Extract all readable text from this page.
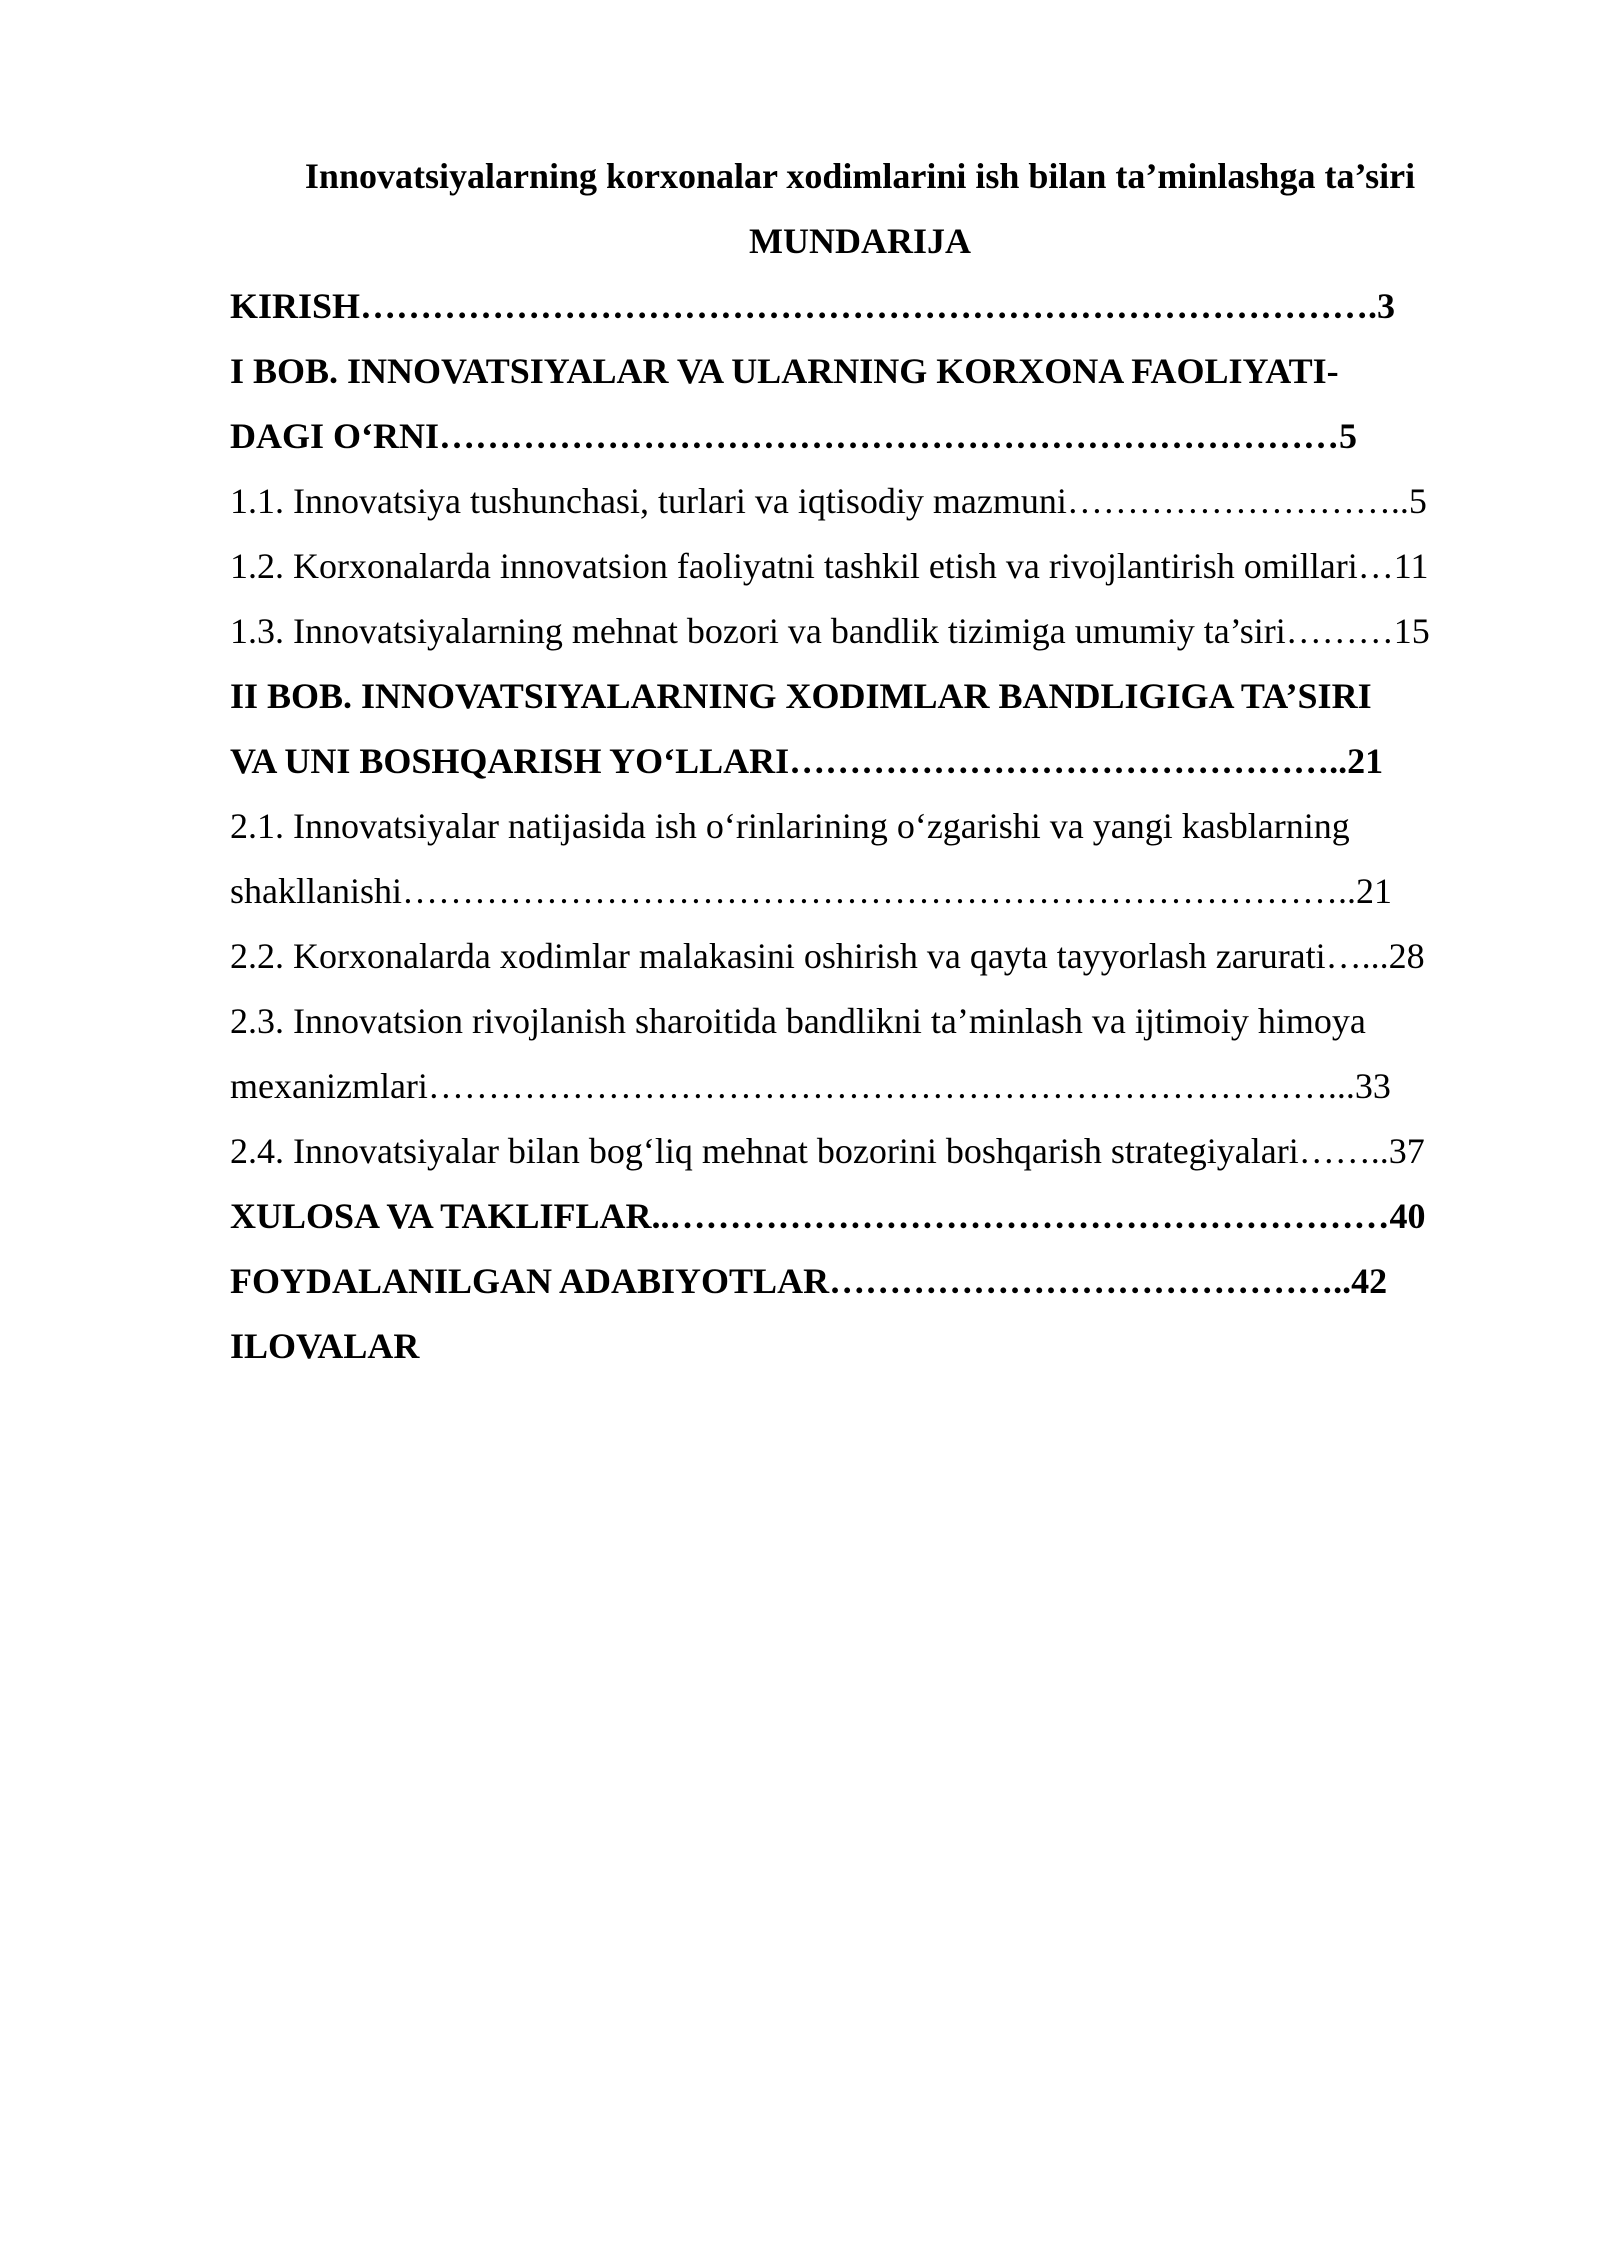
Innovatsiyalarning korxonalar xodimlarini ish bilan ta’minlashga ta’siri
MUNDARIJA
KIRISH………………………………………………………………………….3
I BOB. INNOVATSIYALAR VA ULARNING KORXONA FAOLIYATI-
DAGI O‘RNI…………………………………………………………………5
1.1. Innovatsiya tushunchasi, turlari va iqtisodiy mazmuni………………………..5
1.2. Korxonalarda innovatsion faoliyatni tashkil etish va rivojlantirish omillari…11
1.3. Innovatsiyalarning mehnat bozori va bandlik tizimiga umumiy ta’siri………15
II BOB. INNOVATSIYALARNING XODIMLAR BANDLIGIGA TA’SIRI
VA UNI BOSHQARISH YO‘LLARI………………………………………..21
2.1. Innovatsiyalar natijasida ish o‘rinlarining o‘zgarishi va yangi kasblarning
shakllanishi……………………………………………………………………..21
2.2. Korxonalarda xodimlar malakasini oshirish va qayta tayyorlash zarurati…...28
2.3. Innovatsion rivojlanish sharoitida bandlikni ta’minlash va ijtimoiy himoya
mexanizmlari…………………………………………………………………...33
2.4. Innovatsiyalar bilan bog‘liq mehnat bozorini boshqarish strategiyalari……..37
XULOSA VA TAKLIFLAR..……………………………………………………40
FOYDALANILGAN ADABIYOTLAR……………………………………..42
ILOVALAR
